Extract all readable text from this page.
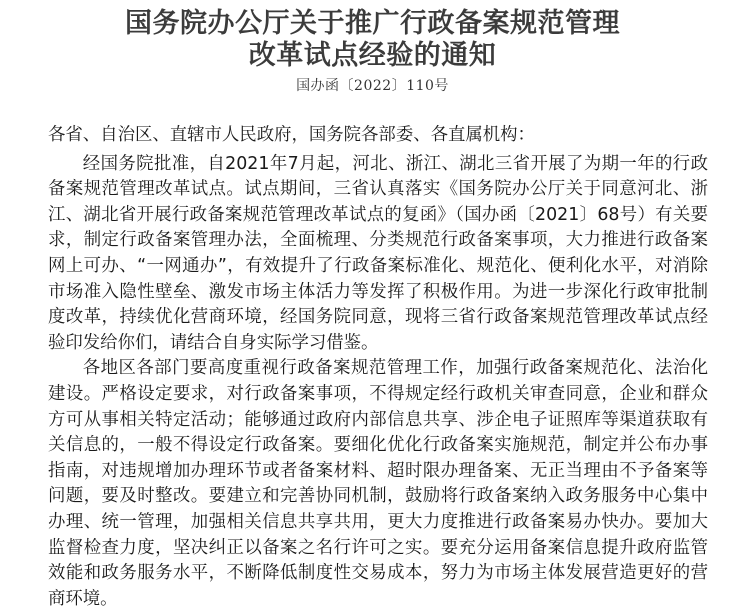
国务院办公厅关于推广行政备案规范管理
改革试点经验的通知
国办函〔2022〕110号

各省、自治区、直辖市人民政府，国务院各部委、各直属机构：

经国务院批准，自2021年7月起，河北、浙江、湖北三省开展了为期一年的行政备案规范管理改革试点。试点期间，三省认真落实《国务院办公厅关于同意河北、浙江、湖北省开展行政备案规范管理改革试点的复函》（国办函〔2021〕68号）有关要求，制定行政备案管理办法，全面梳理、分类规范行政备案事项，大力推进行政备案网上可办、“一网通办”，有效提升了行政备案标准化、规范化、便利化水平，对消除市场准入隐性壁垒、激发市场主体活力等发挥了积极作用。为进一步深化行政审批制度改革，持续优化营商环境，经国务院同意，现将三省行政备案规范管理改革试点经验印发给你们，请结合自身实际学习借鉴。

各地区各部门要高度重视行政备案规范管理工作，加强行政备案规范化、法治化建设。严格设定要求，对行政备案事项，不得规定经行政机关审查同意，企业和群众方可从事相关特定活动；能够通过政府内部信息共享、涉企电子证照库等渠道获取有关信息的，一般不得设定行政备案。要细化优化行政备案实施规范，制定并公布办事指南，对违规增加办理环节或者备案材料、超时限办理备案、无正当理由不予备案等问题，要及时整改。要建立和完善协同机制，鼓励将行政备案纳入政务服务中心集中办理、统一管理，加强相关信息共享共用，更大力度推进行政备案易办快办。要加大监督检查力度，坚决纠正以备案之名行许可之实。要充分运用备案信息提升政府监管效能和政务服务水平，不断降低制度性交易成本，努力为市场主体发展营造更好的营商环境。
